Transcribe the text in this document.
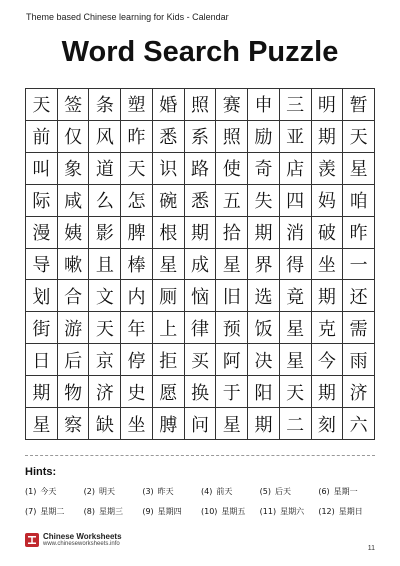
Theme based Chinese learning for Kids - Calendar
Word Search Puzzle
天 签 条 塑 婚 照 赛 申 三 明 暂
前 仅 风 昨 悉 系 照 励 亚 期 天
叫 象 道 天 识 路 使 奇 店 羡 星
际 咸 么 怎 碗 悉 五 失 四 妈 咱
漫 姨 影 脾 根 期 拾 期 消 破 昨
导 嗽 且 棒 星 成 星 界 得 坐 一
划 合 文 内 厕 恼 旧 选 竟 期 还
街 游 天 年 上 律 预 饭 星 克 需
日 后 京 停 拒 买 阿 决 星 今 雨
期 物 济 史 愿 换 于 阳 天 期 济
星 察 缺 坐 膊 问 星 期 二 刻 六
Hints:
(1) 今天	(2) 明天	(3) 昨天	(4) 前天	(5) 后天	(6) 星期一
(7) 星期二	(8) 星期三	(9) 星期四	(10) 星期五	(11) 星期六	(12) 星期日
Chinese Worksheets
www.chineseworksheets.info
11
